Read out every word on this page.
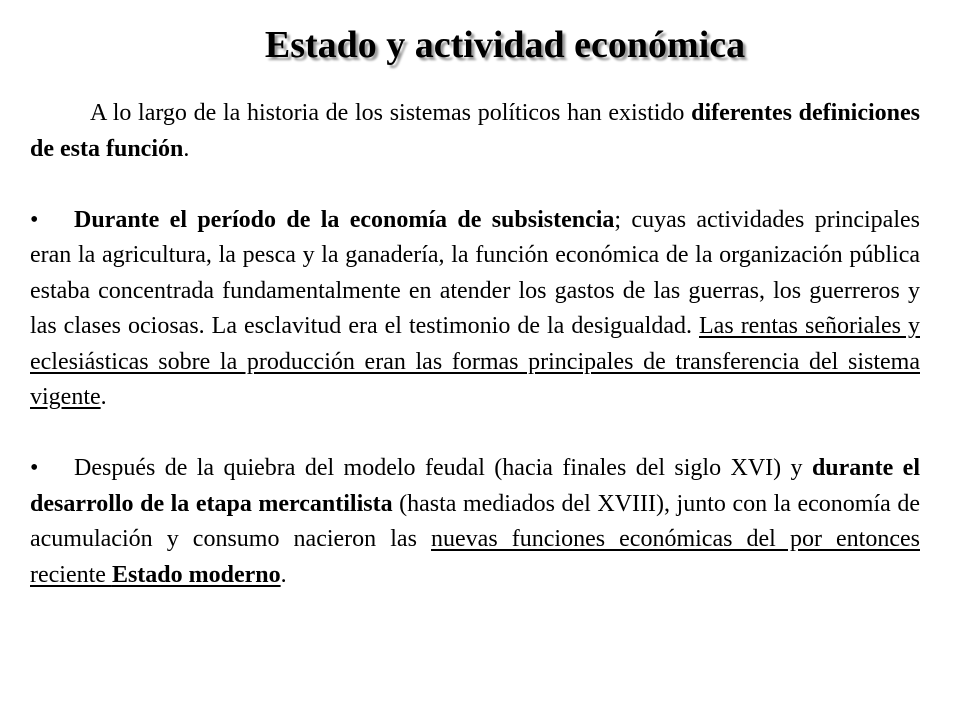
Estado y actividad económica

A lo largo de la historia de los sistemas políticos han existido diferentes definiciones de esta función.

• Durante el período de la economía de subsistencia; cuyas actividades principales eran la agricultura, la pesca y la ganadería, la función económica de la organización pública estaba concentrada fundamentalmente en atender los gastos de las guerras, los guerreros y las clases ociosas. La esclavitud era el testimonio de la desigualdad. Las rentas señoriales y eclesiásticas sobre la producción eran las formas principales de transferencia del sistema vigente.

• Después de la quiebra del modelo feudal (hacia finales del siglo XVI) y durante el desarrollo de la etapa mercantilista (hasta mediados del XVIII), junto con la economía de acumulación y consumo nacieron las nuevas funciones económicas del por entonces reciente Estado moderno.
